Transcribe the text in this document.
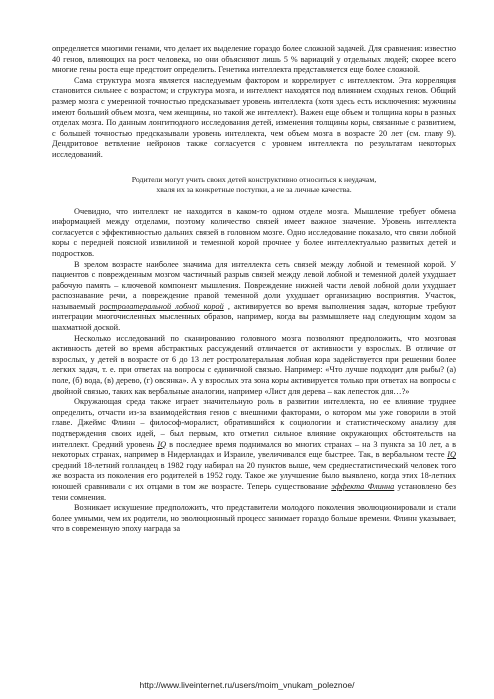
определяется многими генами, что делает их выделение гораздо более сложной задачей. Для сравнения: известно 40 генов, влияющих на рост человека, но они объясняют лишь 5 % вариаций у отдельных людей; скорее всего многие гены роста еще предстоит определить. Генетика интеллекта представляется еще более сложной.

Сама структура мозга является наследуемым фактором и коррелирует с интеллектом. Эта корреляция становится сильнее с возрастом; и структура мозга, и интеллект находятся под влиянием сходных генов. Общий размер мозга с умеренной точностью предсказывает уровень интеллекта (хотя здесь есть исключения: мужчины имеют больший объем мозга, чем женщины, но такой же интеллект). Важен еще объем и толщина коры в разных отделах мозга. По данным лонгитюдного исследования детей, изменения толщины коры, связанные с развитием, с большей точностью предсказывали уровень интеллекта, чем объем мозга в возрасте 20 лет (см. главу 9). Дендритовое ветвление нейронов также согласуется с уровнем интеллекта по результатам некоторых исследований.

Родители могут учить своих детей конструктивно относиться к неудачам,
хваля их за конкретные поступки, а не за личные качества.

Очевидно, что интеллект не находится в каком-то одном отделе мозга. Мышление требует обмена информацией между отделами, поэтому количество связей имеет важное значение. Уровень интеллекта согласуется с эффективностью дальних связей в головном мозге. Одно исследование показало, что связи лобной коры с передней поясной извилиной и теменной корой прочнее у более интеллектуально развитых детей и подростков.

В зрелом возрасте наиболее значима для интеллекта сеть связей между лобной и теменной корой. У пациентов с поврежденным мозгом частичный разрыв связей между левой лобной и теменной долей ухудшает рабочую память – ключевой компонент мышления. Повреждение нижней части левой лобной доли ухудшает распознавание речи, а повреждение правой теменной доли ухудшает организацию восприятия. Участок, называемый ростролатеральной лобной корой , активируется во время выполнения задач, которые требуют интеграции многочисленных мысленных образов, например, когда вы размышляете над следующим ходом за шахматной доской.

Несколько исследований по сканированию головного мозга позволяют предположить, что мозговая активность детей во время абстрактных рассуждений отличается от активности у взрослых. В отличие от взрослых, у детей в возрасте от 6 до 13 лет ростролатеральная лобная кора задействуется при решении более легких задач, т. е. при ответах на вопросы с единичной связью. Например: «Что лучше подходит для рыбы? (а) поле, (б) вода, (в) дерево, (г) овсянка». А у взрослых эта зона коры активируется только при ответах на вопросы с двойной связью, таких как вербальные аналогии, например «Лист для дерева – как лепесток для…?»

Окружающая среда также играет значительную роль в развитии интеллекта, но ее влияние труднее определить, отчасти из-за взаимодействия генов с внешними факторами, о котором мы уже говорили в этой главе. Джеймс Флинн – философ-моралист, обратившийся к социологии и статистическому анализу для подтверждения своих идей, – был первым, кто отметил сильное влияние окружающих обстоятельств на интеллект. Средний уровень IQ в последнее время поднимался во многих странах – на 3 пункта за 10 лет, а в некоторых странах, например в Нидерландах и Израиле, увеличивался еще быстрее. Так, в вербальном тесте IQ средний 18-летний голландец в 1982 году набирал на 20 пунктов выше, чем среднестатистический человек того же возраста из поколения его родителей в 1952 году. Такое же улучшение было выявлено, когда этих 18-летних юношей сравнивали с их отцами в том же возрасте. Теперь существование эффекта Флинна установлено без тени сомнения.

Возникает искушение предположить, что представители молодого поколения эволюционировали и стали более умными, чем их родители, но эволюционный процесс занимает гораздо больше времени. Флинн указывает, что в современную эпоху награда за

http://www.liveinternet.ru/users/moim_vnukam_poleznoe/
